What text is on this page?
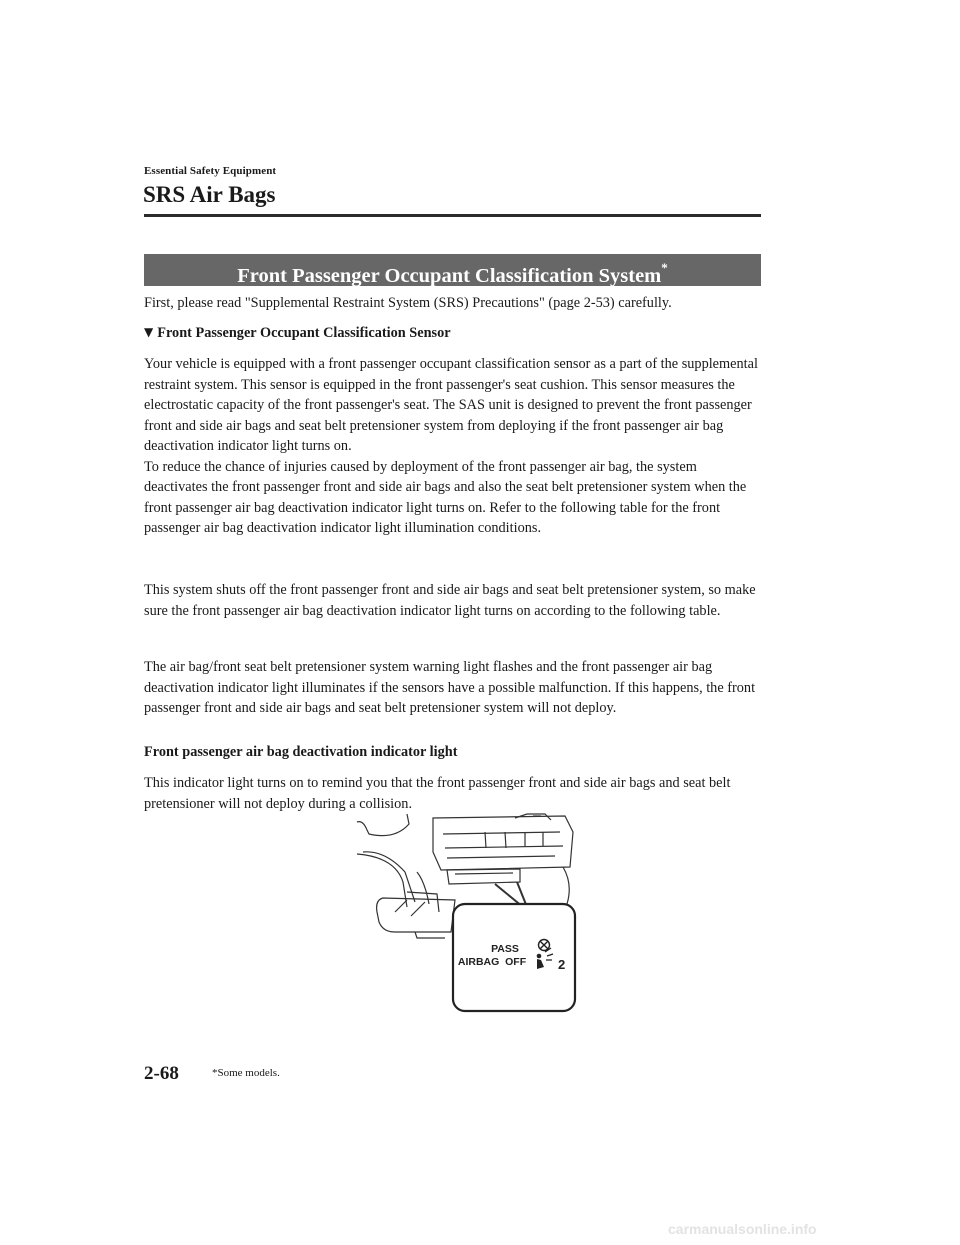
Essential Safety Equipment
SRS Air Bags
Front Passenger Occupant Classification System*
First, please read "Supplemental Restraint System (SRS) Precautions" (page 2-53) carefully.
▼ Front Passenger Occupant Classification Sensor
Your vehicle is equipped with a front passenger occupant classification sensor as a part of the supplemental restraint system. This sensor is equipped in the front passenger's seat cushion. This sensor measures the electrostatic capacity of the front passenger's seat. The SAS unit is designed to prevent the front passenger front and side air bags and seat belt pretensioner system from deploying if the front passenger air bag deactivation indicator light turns on.
To reduce the chance of injuries caused by deployment of the front passenger air bag, the system deactivates the front passenger front and side air bags and also the seat belt pretensioner system when the front passenger air bag deactivation indicator light turns on. Refer to the following table for the front passenger air bag deactivation indicator light illumination conditions.
This system shuts off the front passenger front and side air bags and seat belt pretensioner system, so make sure the front passenger air bag deactivation indicator light turns on according to the following table.
The air bag/front seat belt pretensioner system warning light flashes and the front passenger air bag deactivation indicator light illuminates if the sensors have a possible malfunction. If this happens, the front passenger front and side air bags and seat belt pretensioner system will not deploy.
Front passenger air bag deactivation indicator light
This indicator light turns on to remind you that the front passenger front and side air bags and seat belt pretensioner will not deploy during a collision.
2
PASS
AIRBAG  OFF
2-68	*Some models.
carmanualsonline.info
